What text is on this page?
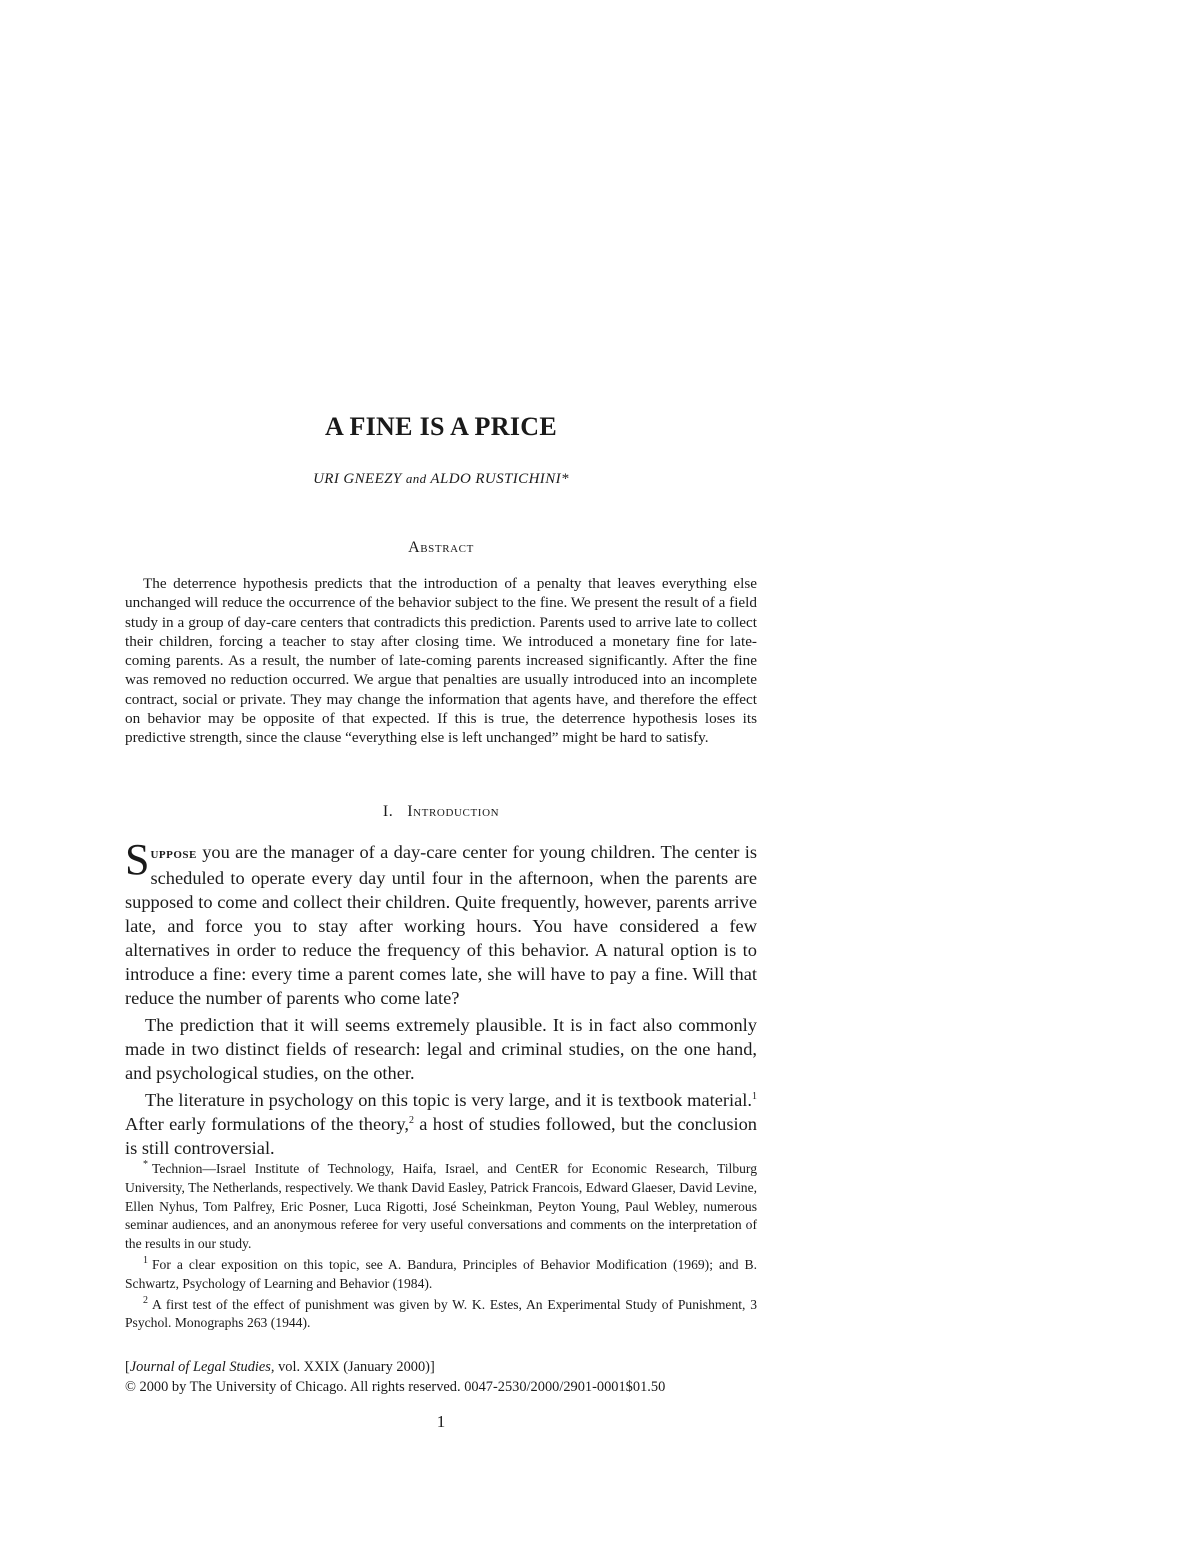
A FINE IS A PRICE
URI GNEEZY and ALDO RUSTICHINI*
Abstract
The deterrence hypothesis predicts that the introduction of a penalty that leaves everything else unchanged will reduce the occurrence of the behavior subject to the fine. We present the result of a field study in a group of day-care centers that contradicts this prediction. Parents used to arrive late to collect their children, forcing a teacher to stay after closing time. We introduced a monetary fine for late-coming parents. As a result, the number of late-coming parents increased significantly. After the fine was removed no reduction occurred. We argue that penalties are usually introduced into an incomplete contract, social or private. They may change the information that agents have, and therefore the effect on behavior may be opposite of that expected. If this is true, the deterrence hypothesis loses its predictive strength, since the clause “everything else is left unchanged” might be hard to satisfy.
I. Introduction

Suppose you are the manager of a day-care center for young children. The center is scheduled to operate every day until four in the afternoon, when the parents are supposed to come and collect their children. Quite frequently, however, parents arrive late, and force you to stay after working hours. You have considered a few alternatives in order to reduce the frequency of this behavior. A natural option is to introduce a fine: every time a parent comes late, she will have to pay a fine. Will that reduce the number of parents who come late?

The prediction that it will seems extremely plausible. It is in fact also commonly made in two distinct fields of research: legal and criminal studies, on the one hand, and psychological studies, on the other.

The literature in psychology on this topic is very large, and it is textbook material.$^1$ After early formulations of the theory,$^2$ a host of studies followed, but the conclusion is still controversial.

* Technion—Israel Institute of Technology, Haifa, Israel, and CentER for Economic Research, Tilburg University, The Netherlands, respectively. We thank David Easley, Patrick Francois, Edward Glaeser, David Levine, Ellen Nyhus, Tom Palfrey, Eric Posner, Luca Rigotti, José Scheinkman, Peyton Young, Paul Webley, numerous seminar audiences, and an anonymous referee for very useful conversations and comments on the interpretation of the results in our study.

$^1$ For a clear exposition on this topic, see A. Bandura, Principles of Behavior Modification (1969); and B. Schwartz, Psychology of Learning and Behavior (1984).

$^2$ A first test of the effect of punishment was given by W. K. Estes, An Experimental Study of Punishment, 3 Psychol. Monographs 263 (1944).

[Journal of Legal Studies, vol. XXIX (January 2000)]
© 2000 by The University of Chicago. All rights reserved. 0047-2530/2000/2901-0001$01.50
1
